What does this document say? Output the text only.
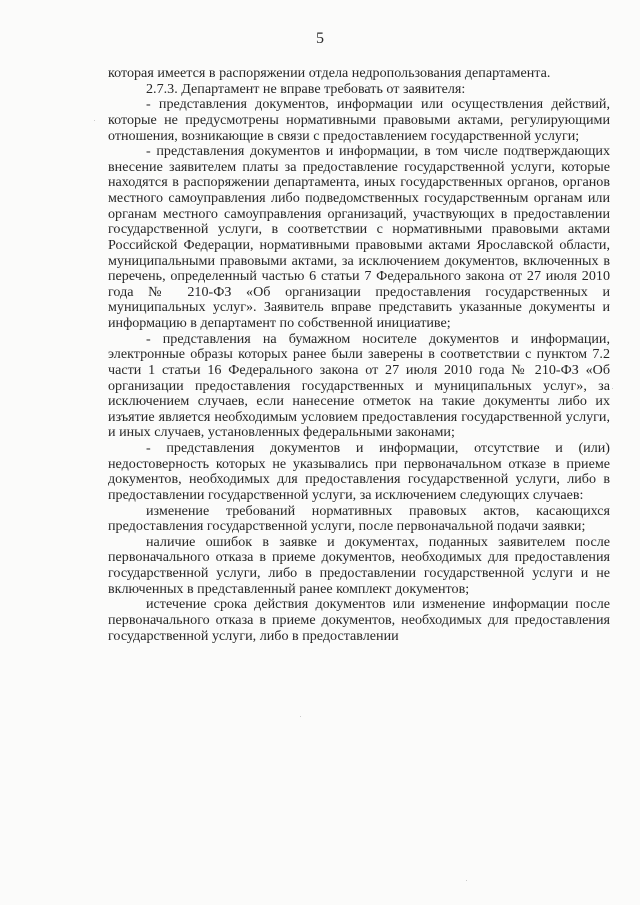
5

которая имеется в распоряжении отдела недропользования департамента.

2.7.3. Департамент не вправе требовать от заявителя:

- представления документов, информации или осуществления действий, которые не предусмотрены нормативными правовыми актами, регулирующими отношения, возникающие в связи с предоставлением государственной услуги;

- представления документов и информации, в том числе подтверждающих внесение заявителем платы за предоставление государственной услуги, которые находятся в распоряжении департамента, иных государственных органов, органов местного самоуправления либо подведомственных государственным органам или органам местного самоуправления организаций, участвующих в предоставлении государственной услуги, в соответствии с нормативными правовыми актами Российской Федерации, нормативными правовыми актами Ярославской области, муниципальными правовыми актами, за исключением документов, включенных в перечень, определенный частью 6 статьи 7 Федерального закона от 27 июля 2010 года № 210-ФЗ «Об организации предоставления государственных и муниципальных услуг». Заявитель вправе представить указанные документы и информацию в департамент по собственной инициативе;

- представления на бумажном носителе документов и информации, электронные образы которых ранее были заверены в соответствии с пунктом 7.2 части 1 статьи 16 Федерального закона от 27 июля 2010 года № 210-ФЗ «Об организации предоставления государственных и муниципальных услуг», за исключением случаев, если нанесение отметок на такие документы либо их изъятие является необходимым условием предоставления государственной услуги, и иных случаев, установленных федеральными законами;

- представления документов и информации, отсутствие и (или) недостоверность которых не указывались при первоначальном отказе в приеме документов, необходимых для предоставления государственной услуги, либо в предоставлении государственной услуги, за исключением следующих случаев:

изменение требований нормативных правовых актов, касающихся предоставления государственной услуги, после первоначальной подачи заявки;

наличие ошибок в заявке и документах, поданных заявителем после первоначального отказа в приеме документов, необходимых для предоставления государственной услуги, либо в предоставлении государственной услуги и не включенных в представленный ранее комплект документов;

истечение срока действия документов или изменение информации после первоначального отказа в приеме документов, необходимых для предоставления государственной услуги, либо в предоставлении
